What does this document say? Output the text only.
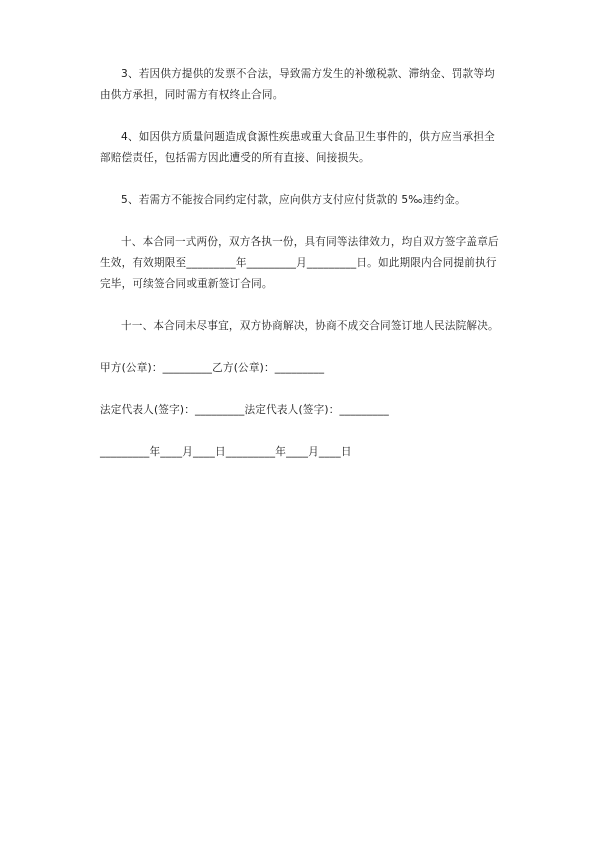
3、若因供方提供的发票不合法，导致需方发生的补缴税款、滞纳金、罚款等均由供方承担，同时需方有权终止合同。

4、如因供方质量问题造成食源性疾患或重大食品卫生事件的，供方应当承担全部赔偿责任，包括需方因此遭受的所有直接、间接损失。

5、若需方不能按合同约定付款，应向供方支付应付货款的 5‰违约金。

十、本合同一式两份，双方各执一份，具有同等法律效力，均自双方签字盖章后生效，有效期限至_________年_________月_________日。如此期限内合同提前执行完毕，可续签合同或重新签订合同。

十一、本合同未尽事宜，双方协商解决，协商不成交合同签订地人民法院解决。

甲方(公章)：_________乙方(公章)：_________

法定代表人(签字)：_________法定代表人(签字)：_________

_________年____月____日_________年____月____日
